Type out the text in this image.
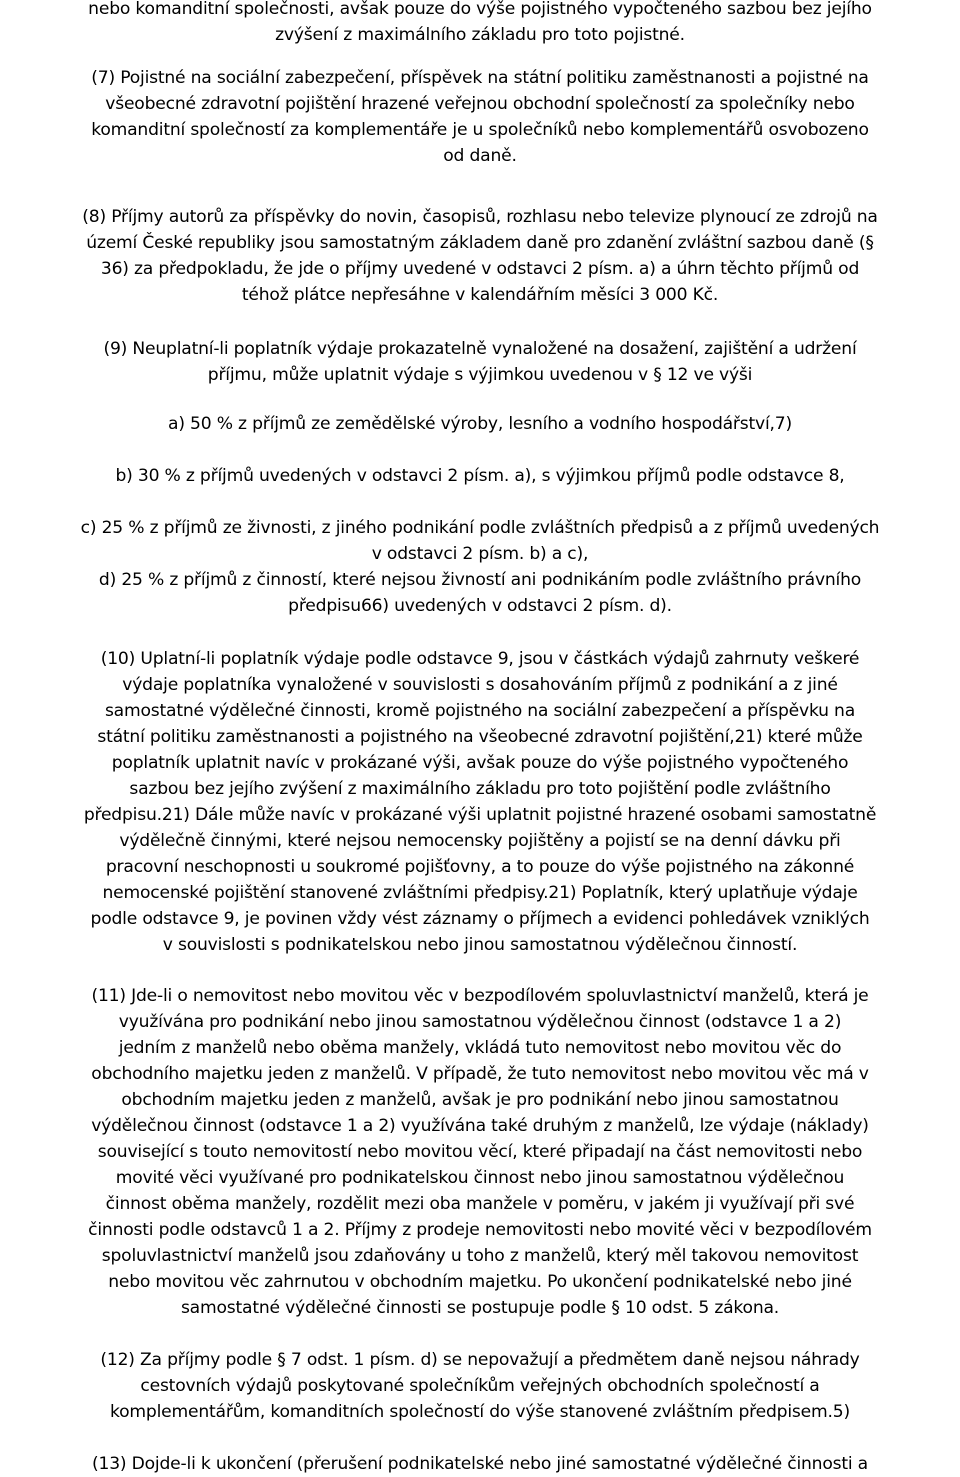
nebo komanditní společnosti, avšak pouze do výše pojistného vypočteného sazbou bez jejího
zvýšení z maximálního základu pro toto pojistné.
(7) Pojistné na sociální zabezpečení, příspěvek na státní politiku zaměstnanosti a pojistné na
všeobecné zdravotní pojištění hrazené veřejnou obchodní společností za společníky nebo
komanditní společností za komplementáře je u společníků nebo komplementářů osvobozeno
od daně.
(8) Příjmy autorů za příspěvky do novin, časopisů, rozhlasu nebo televize plynoucí ze zdrojů na
území České republiky jsou samostatným základem daně pro zdanění zvláštní sazbou daně (§
36) za předpokladu, že jde o příjmy uvedené v odstavci 2 písm. a) a úhrn těchto příjmů od
téhož plátce nepřesáhne v kalendářním měsíci 3 000 Kč.
(9) Neuplatní-li poplatník výdaje prokazatelně vynaložené na dosažení, zajištění a udržení
příjmu, může uplatnit výdaje s výjimkou uvedenou v § 12 ve výši
a) 50 % z příjmů ze zemědělské výroby, lesního a vodního hospodářství,7)
b) 30 % z příjmů uvedených v odstavci 2 písm. a), s výjimkou příjmů podle odstavce 8,
c) 25 % z příjmů ze živnosti, z jiného podnikání podle zvláštních předpisů a z příjmů uvedených
v odstavci 2 písm. b) a c),
d) 25 % z příjmů z činností, které nejsou živností ani podnikáním podle zvláštního právního
předpisu66) uvedených v odstavci 2 písm. d).
(10) Uplatní-li poplatník výdaje podle odstavce 9, jsou v částkách výdajů zahrnuty veškeré
výdaje poplatníka vynaložené v souvislosti s dosahováním příjmů z podnikání a z jiné
samostatné výdělečné činnosti, kromě pojistného na sociální zabezpečení a příspěvku na
státní politiku zaměstnanosti a pojistného na všeobecné zdravotní pojištění,21) které může
poplatník uplatnit navíc v prokázané výši, avšak pouze do výše pojistného vypočteného
sazbou bez jejího zvýšení z maximálního základu pro toto pojištění podle zvláštního
předpisu.21) Dále může navíc v prokázané výši uplatnit pojistné hrazené osobami samostatně
výdělečně činnými, které nejsou nemocensky pojištěny a pojistí se na denní dávku při
pracovní neschopnosti u soukromé pojišťovny, a to pouze do výše pojistného na zákonné
nemocenské pojištění stanovené zvláštními předpisy.21) Poplatník, který uplatňuje výdaje
podle odstavce 9, je povinen vždy vést záznamy o příjmech a evidenci pohledávek vzniklých
v souvislosti s podnikatelskou nebo jinou samostatnou výdělečnou činností.
(11) Jde-li o nemovitost nebo movitou věc v bezpodílovém spoluvlastnictví manželů, která je
využívána pro podnikání nebo jinou samostatnou výdělečnou činnost (odstavce 1 a 2)
jedním z manželů nebo oběma manžely, vkládá tuto nemovitost nebo movitou věc do
obchodního majetku jeden z manželů. V případě, že tuto nemovitost nebo movitou věc má v
obchodním majetku jeden z manželů, avšak je pro podnikání nebo jinou samostatnou
výdělečnou činnost (odstavce 1 a 2) využívána také druhým z manželů, lze výdaje (náklady)
související s touto nemovitostí nebo movitou věcí, které připadají na část nemovitosti nebo
movité věci využívané pro podnikatelskou činnost nebo jinou samostatnou výdělečnou
činnost oběma manžely, rozdělit mezi oba manžele v poměru, v jakém ji využívají při své
činnosti podle odstavců 1 a 2. Příjmy z prodeje nemovitosti nebo movité věci v bezpodílovém
spoluvlastnictví manželů jsou zdaňovány u toho z manželů, který měl takovou nemovitost
nebo movitou věc zahrnutou v obchodním majetku. Po ukončení podnikatelské nebo jiné
samostatné výdělečné činnosti se postupuje podle § 10 odst. 5 zákona.
(12) Za příjmy podle § 7 odst. 1 písm. d) se nepovažují a předmětem daně nejsou náhrady
cestovních výdajů poskytované společníkům veřejných obchodních společností a
komplementářům, komanditních společností do výše stanovené zvláštním předpisem.5)
(13) Dojde-li k ukončení (přerušení podnikatelské nebo jiné samostatné výdělečné činnosti a
